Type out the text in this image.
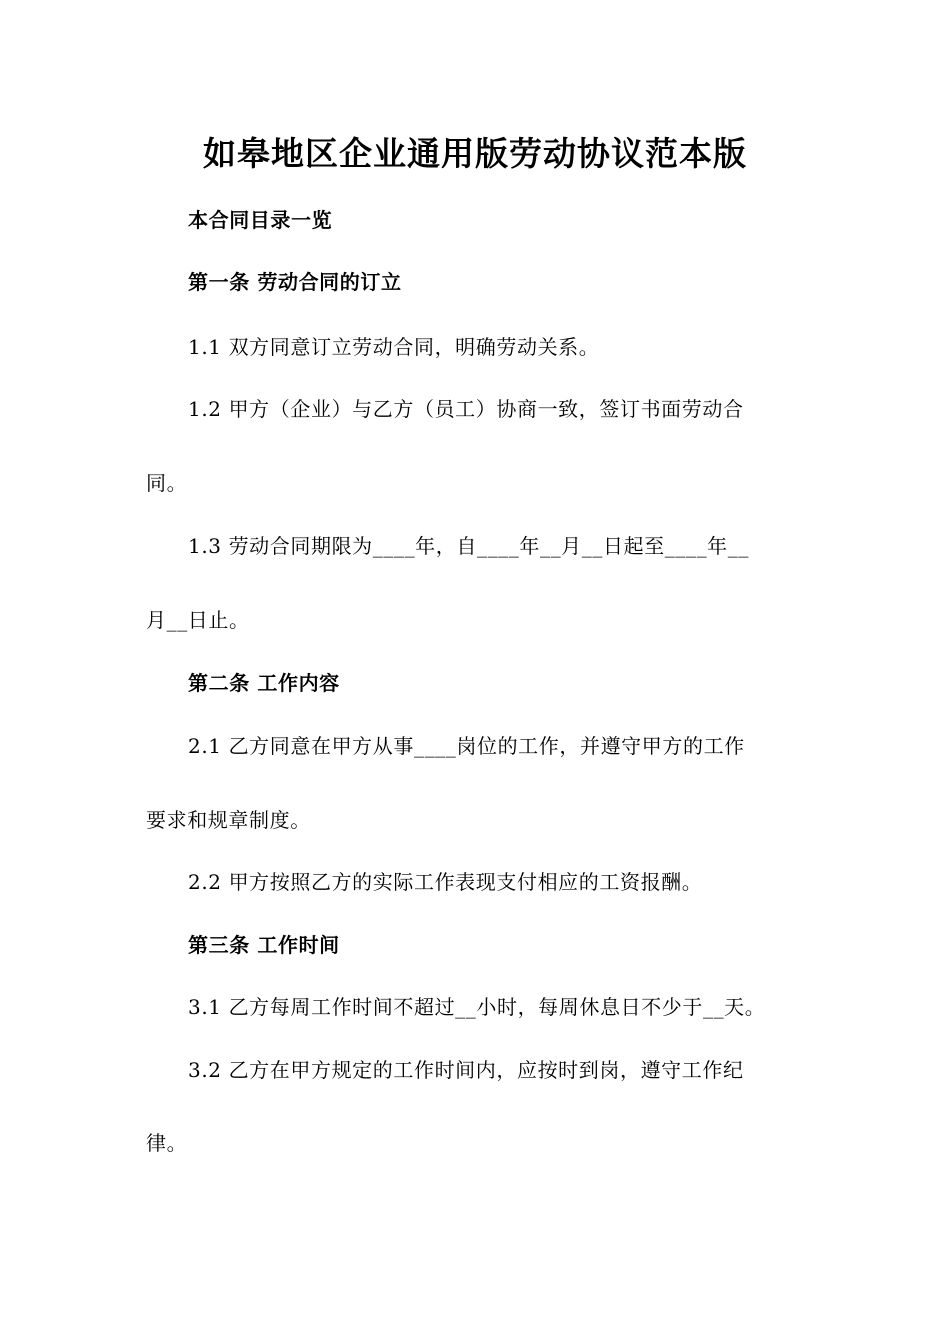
如皋地区企业通用版劳动协议范本版
本合同目录一览
第一条 劳动合同的订立
1.1 双方同意订立劳动合同，明确劳动关系。
1.2 甲方（企业）与乙方（员工）协商一致，签订书面劳动合
同。
1.3 劳动合同期限为____年，自____年__月__日起至____年__
月__日止。
第二条 工作内容
2.1 乙方同意在甲方从事____岗位的工作，并遵守甲方的工作
要求和规章制度。
2.2 甲方按照乙方的实际工作表现支付相应的工资报酬。
第三条 工作时间
3.1 乙方每周工作时间不超过__小时，每周休息日不少于__天。
3.2 乙方在甲方规定的工作时间内，应按时到岗，遵守工作纪
律。
